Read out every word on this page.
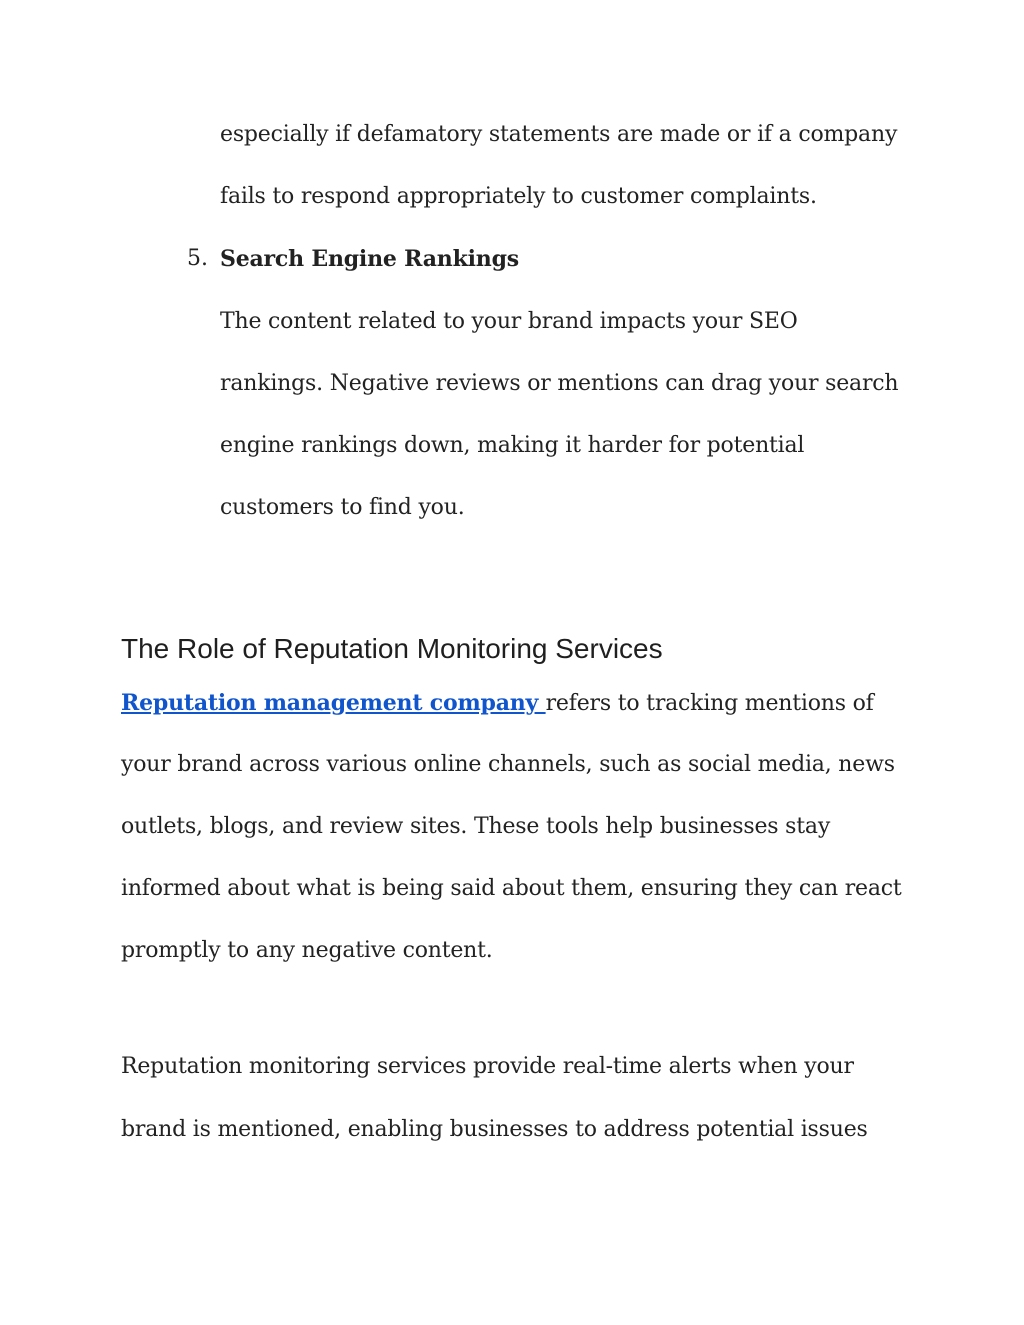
especially if defamatory statements are made or if a company
fails to respond appropriately to customer complaints.
5. Search Engine Rankings
The content related to your brand impacts your SEO
rankings. Negative reviews or mentions can drag your search
engine rankings down, making it harder for potential
customers to find you.
The Role of Reputation Monitoring Services
Reputation management company refers to tracking mentions of
your brand across various online channels, such as social media, news
outlets, blogs, and review sites. These tools help businesses stay
informed about what is being said about them, ensuring they can react
promptly to any negative content.
Reputation monitoring services provide real-time alerts when your
brand is mentioned, enabling businesses to address potential issues
